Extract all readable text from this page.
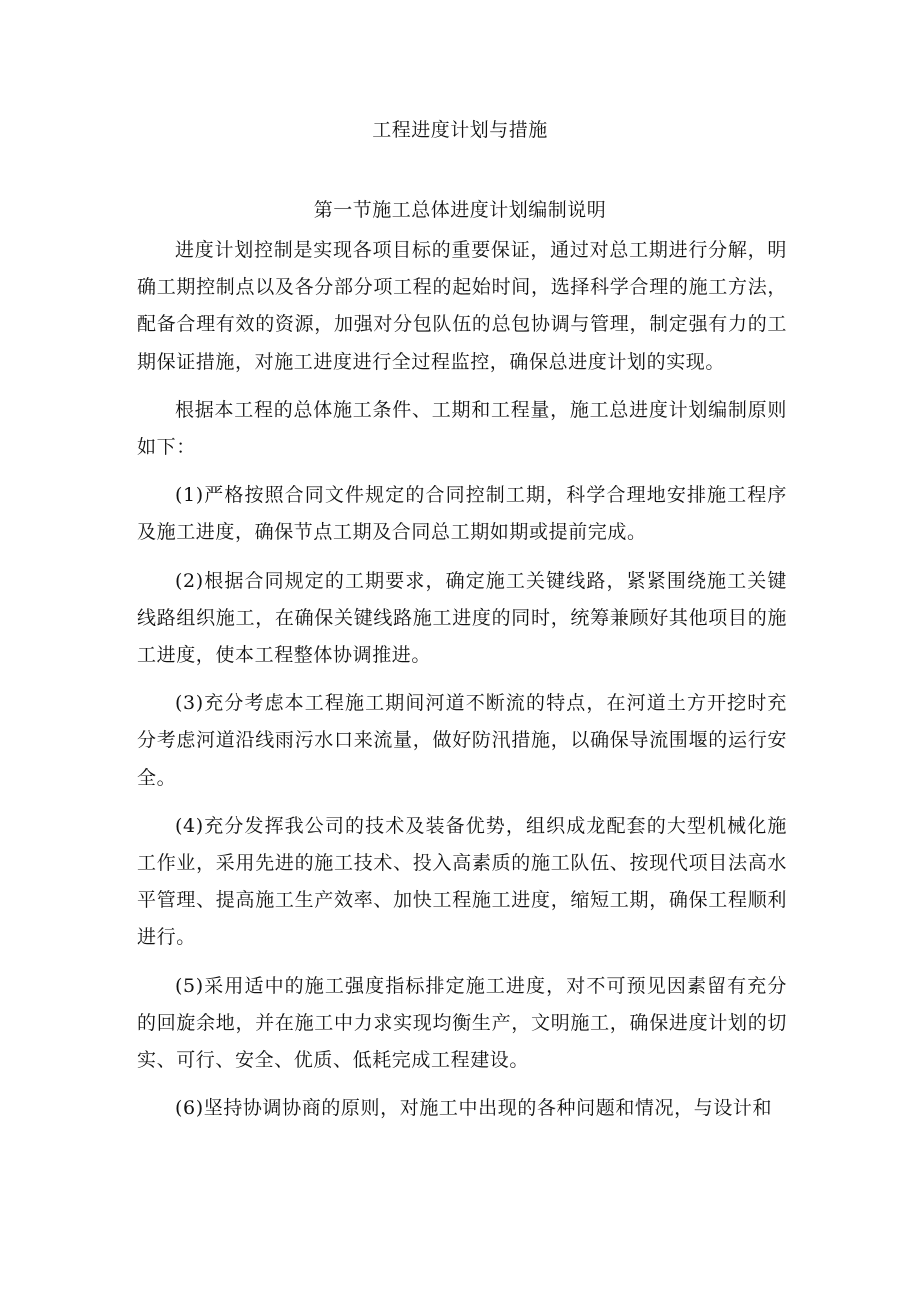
工程进度计划与措施
第一节施工总体进度计划编制说明

进度计划控制是实现各项目标的重要保证，通过对总工期进行分解，明确工期控制点以及各分部分项工程的起始时间，选择科学合理的施工方法，配备合理有效的资源，加强对分包队伍的总包协调与管理，制定强有力的工期保证措施，对施工进度进行全过程监控，确保总进度计划的实现。

根据本工程的总体施工条件、工期和工程量，施工总进度计划编制原则如下：

(1)严格按照合同文件规定的合同控制工期，科学合理地安排施工程序及施工进度，确保节点工期及合同总工期如期或提前完成。

(2)根据合同规定的工期要求，确定施工关键线路，紧紧围绕施工关键线路组织施工，在确保关键线路施工进度的同时，统筹兼顾好其他项目的施工进度，使本工程整体协调推进。

(3)充分考虑本工程施工期间河道不断流的特点，在河道土方开挖时充分考虑河道沿线雨污水口来流量，做好防汛措施，以确保导流围堰的运行安全。

(4)充分发挥我公司的技术及装备优势，组织成龙配套的大型机械化施工作业，采用先进的施工技术、投入高素质的施工队伍、按现代项目法高水平管理、提高施工生产效率、加快工程施工进度，缩短工期，确保工程顺利进行。

(5)采用适中的施工强度指标排定施工进度，对不可预见因素留有充分的回旋余地，并在施工中力求实现均衡生产，文明施工，确保进度计划的切实、可行、安全、优质、低耗完成工程建设。

(6)坚持协调协商的原则，对施工中出现的各种问题和情况，与设计和
